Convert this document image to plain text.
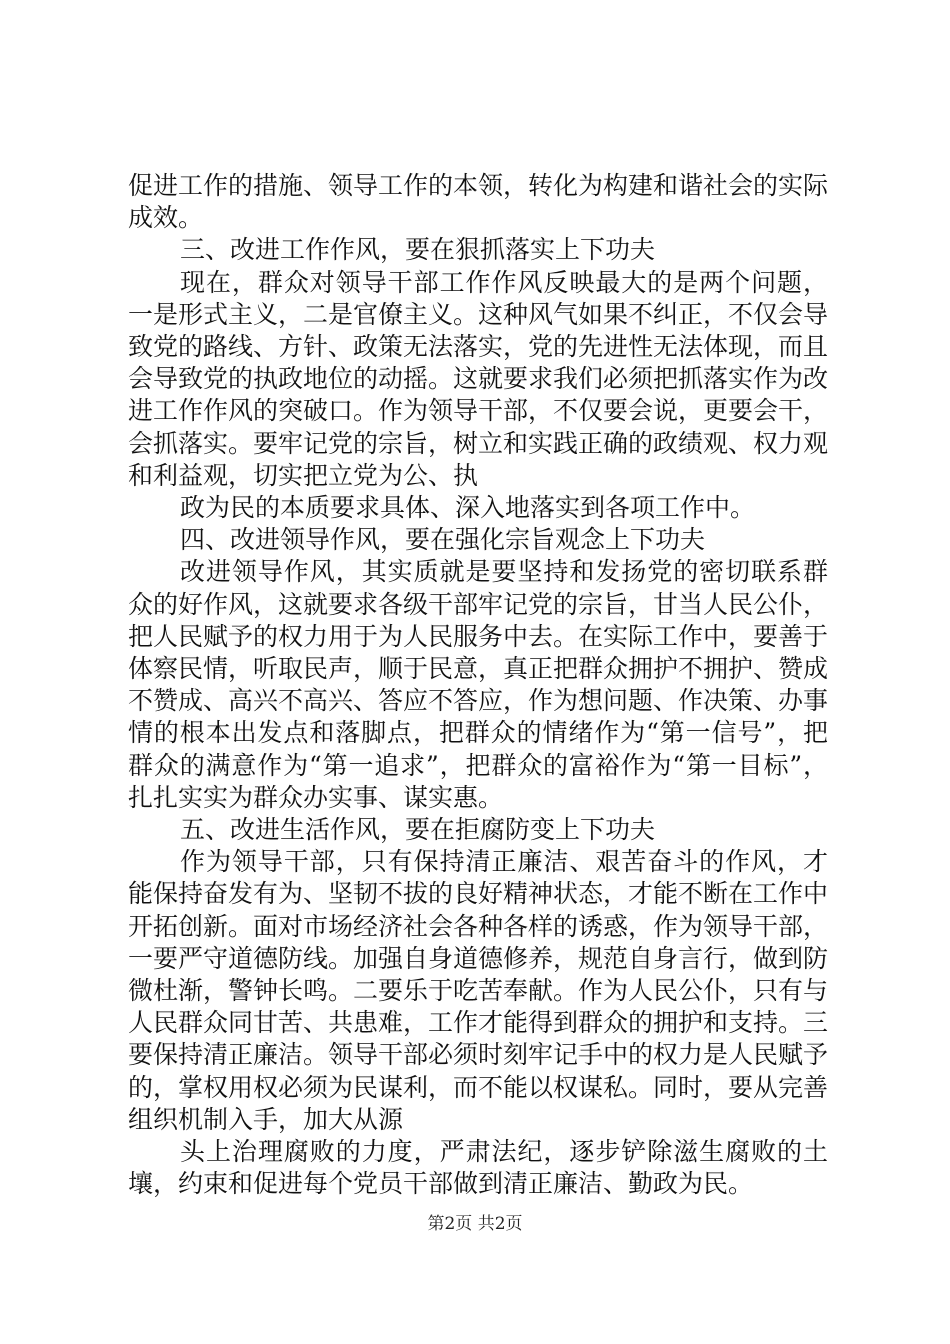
促进工作的措施、领导工作的本领，转化为构建和谐社会的实际成效。

三、改进工作作风，要在狠抓落实上下功夫

现在，群众对领导干部工作作风反映最大的是两个问题，一是形式主义，二是官僚主义。这种风气如果不纠正，不仅会导致党的路线、方针、政策无法落实，党的先进性无法体现，而且会导致党的执政地位的动摇。这就要求我们必须把抓落实作为改进工作作风的突破口。作为领导干部，不仅要会说，更要会干，会抓落实。要牢记党的宗旨，树立和实践正确的政绩观、权力观和利益观，切实把立党为公、执

政为民的本质要求具体、深入地落实到各项工作中。

四、改进领导作风，要在强化宗旨观念上下功夫

改进领导作风，其实质就是要坚持和发扬党的密切联系群众的好作风，这就要求各级干部牢记党的宗旨，甘当人民公仆，把人民赋予的权力用于为人民服务中去。在实际工作中，要善于体察民情，听取民声，顺于民意，真正把群众拥护不拥护、赞成不赞成、高兴不高兴、答应不答应，作为想问题、作决策、办事情的根本出发点和落脚点，把群众的情绪作为“第一信号”，把群众的满意作为“第一追求”，把群众的富裕作为“第一目标”，扎扎实实为群众办实事、谋实惠。

五、改进生活作风，要在拒腐防变上下功夫

作为领导干部，只有保持清正廉洁、艰苦奋斗的作风，才能保持奋发有为、坚韧不拔的良好精神状态，才能不断在工作中开拓创新。面对市场经济社会各种各样的诱惑，作为领导干部，一要严守道德防线。加强自身道德修养，规范自身言行，做到防微杜渐，警钟长鸣。二要乐于吃苦奉献。作为人民公仆，只有与人民群众同甘苦、共患难，工作才能得到群众的拥护和支持。三要保持清正廉洁。领导干部必须时刻牢记手中的权力是人民赋予的，掌权用权必须为民谋利，而不能以权谋私。同时，要从完善组织机制入手，加大从源

头上治理腐败的力度，严肃法纪，逐步铲除滋生腐败的土壤，约束和促进每个党员干部做到清正廉洁、勤政为民。

第2页 共2页
